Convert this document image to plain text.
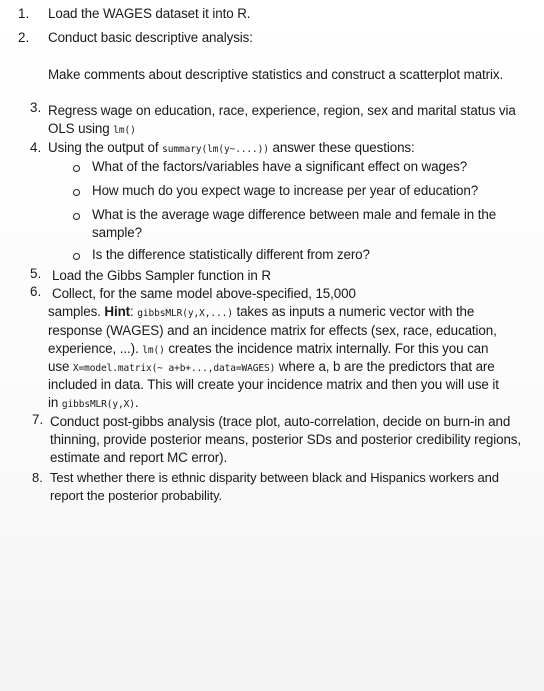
1. Load the WAGES dataset it into R.
2. Conduct basic descriptive analysis:
Make comments about descriptive statistics and construct a scatterplot matrix.
3. Regress wage on education, race, experience, region, sex and marital status via
OLS using lm()
4. Using the output of summary(lm(y~....)) answer these questions:
What of the factors/variables have a significant effect on wages?
How much do you expect wage to increase per year of education?
What is the average wage difference between male and female in the
sample?
Is the difference statistically different from zero?
5. Load the Gibbs Sampler function in R
6. Collect, for the same model above-specified, 15,000
samples. Hint: gibbsMLR(y,X,...) takes as inputs a numeric vector with the
response (WAGES) and an incidence matrix for effects (sex, race, education,
experience, ...). lm() creates the incidence matrix internally. For this you can
use X=model.matrix(~ a+b+...,data=WAGES) where a, b are the predictors that are
included in data. This will create your incidence matrix and then you will use it
in gibbsMLR(y,X).
7. Conduct post-gibbs analysis (trace plot, auto-correlation, decide on burn-in and
thinning, provide posterior means, posterior SDs and posterior credibility regions,
estimate and report MC error).
8. Test whether there is ethnic disparity between black and Hispanics workers and
report the posterior probability.
